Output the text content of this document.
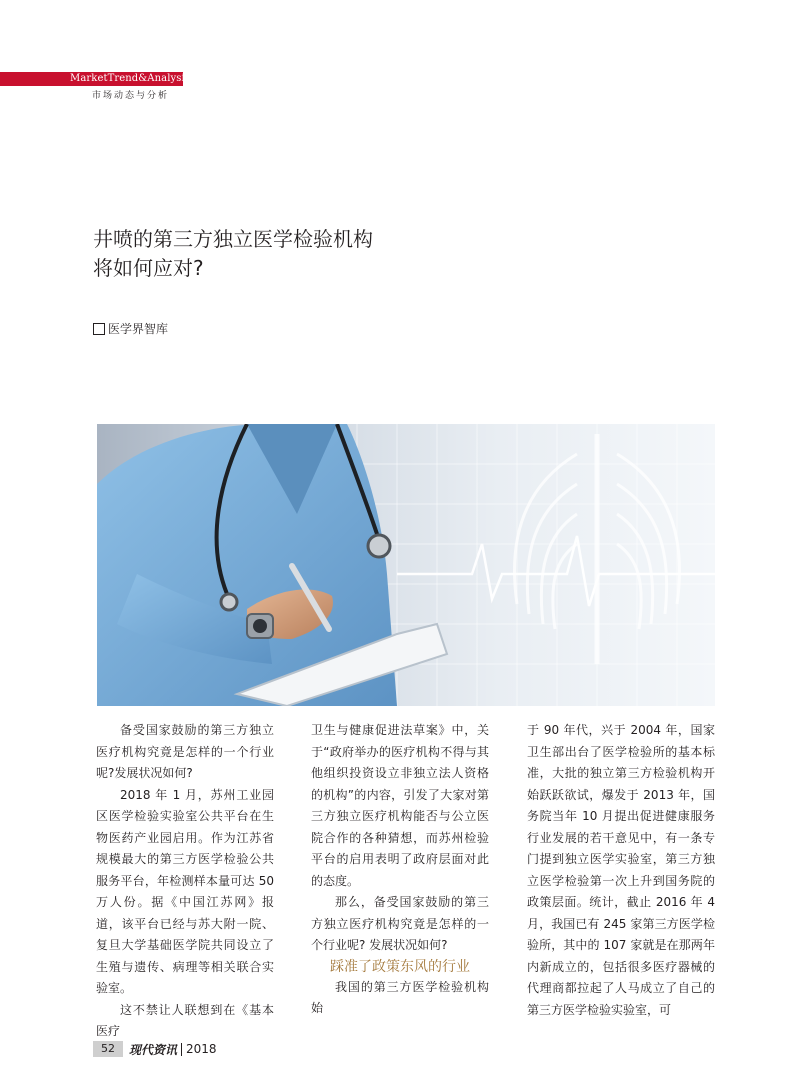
MarketTrend&Analysis
市场动态与分析
井喷的第三方独立医学检验机构
将如何应对?
医学界智库

备受国家鼓励的第三方独立医疗机构究竟是怎样的一个行业呢?发展状况如何?

2018 年 1 月，苏州工业园区医学检验实验室公共平台在生物医药产业园启用。作为江苏省规模最大的第三方医学检验公共服务平台，年检测样本量可达 50 万人份。据《中国江苏网》报道，该平台已经与苏大附一院、复旦大学基础医学院共同设立了生殖与遗传、病理等相关联合实验室。

这不禁让人联想到在《基本医疗

卫生与健康促进法草案》中，关于“政府举办的医疗机构不得与其他组织投资设立非独立法人资格的机构”的内容，引发了大家对第三方独立医疗机构能否与公立医院合作的各种猜想，而苏州检验平台的启用表明了政府层面对此的态度。

那么，备受国家鼓励的第三方独立医疗机构究竟是怎样的一个行业呢? 发展状况如何?

踩准了政策东风的行业

我国的第三方医学检验机构始

于 90 年代，兴于 2004 年，国家卫生部出台了医学检验所的基本标准，大批的独立第三方检验机构开始跃跃欲试，爆发于 2013 年，国务院当年 10 月提出促进健康服务行业发展的若干意见中，有一条专门提到独立医学实验室，第三方独立医学检验第一次上升到国务院的政策层面。统计，截止 2016 年 4 月，我国已有 245 家第三方医学检验所，其中的 107 家就是在那两年内新成立的，包括很多医疗器械的代理商都拉起了人马成立了自己的第三方医学检验实验室，可

52	现代资讯 2018
